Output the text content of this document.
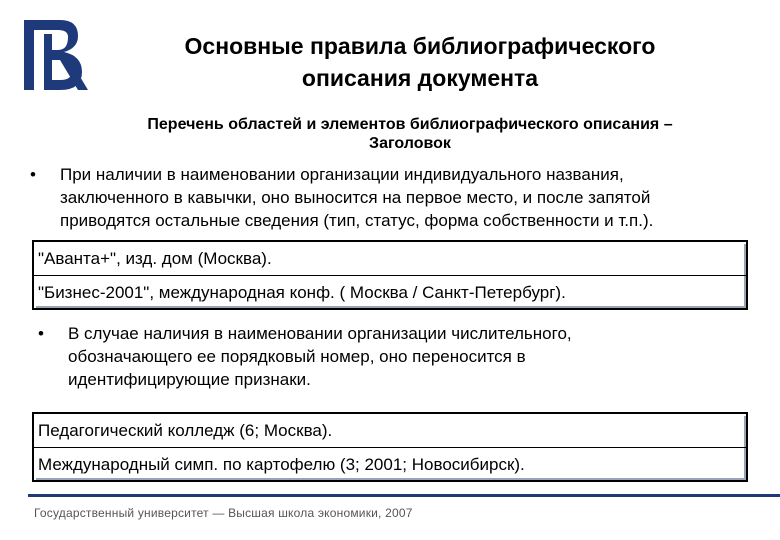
Основные правила библиографического
описания документа
Перечень областей и элементов библиографического описания –
Заголовок
• При наличии в наименовании организации индивидуального названия,
заключенного в кавычки, оно выносится на первое место, и после запятой
приводятся остальные сведения (тип, статус, форма собственности и т.п.).
"Аванта+", изд. дом (Москва).
"Бизнес-2001", международная конф. ( Москва / Санкт-Петербург).
• В случае наличия в наименовании организации числительного,
обозначающего ее порядковый номер, оно переносится в
идентифицирующие признаки.
Педагогический колледж (6; Москва).
Международный симп. по картофелю (3; 2001; Новосибирск).
Государственный университет — Высшая школа экономики, 2007
